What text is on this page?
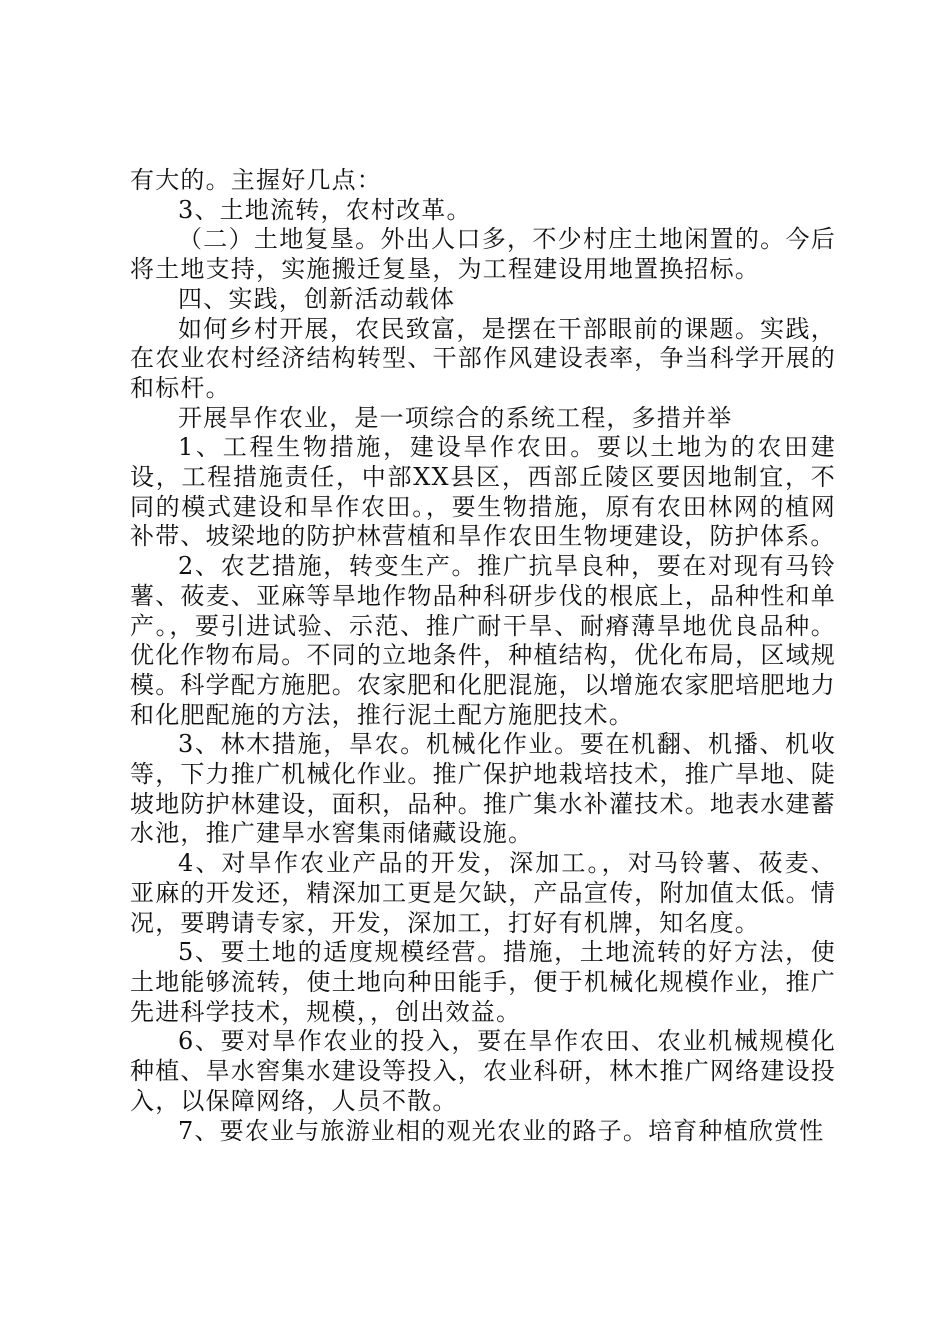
有大的。主握好几点：

3、土地流转，农村改革。

（二）土地复垦。外出人口多，不少村庄土地闲置的。今后将土地支持，实施搬迁复垦，为工程建设用地置换招标。

四、实践，创新活动载体

如何乡村开展，农民致富，是摆在干部眼前的课题。实践，在农业农村经济结构转型、干部作风建设表率，争当科学开展的和标杆。

开展旱作农业，是一项综合的系统工程，多措并举

1、工程生物措施，建设旱作农田。要以土地为的农田建设，工程措施责任，中部XX县区，西部丘陵区要因地制宜，不同的模式建设和旱作农田。，要生物措施，原有农田林网的植网补带、坡梁地的防护林营植和旱作农田生物埂建设，防护体系。

2、农艺措施，转变生产。推广抗旱良种，要在对现有马铃薯、莜麦、亚麻等旱地作物品种科研步伐的根底上，品种性和单产。，要引进试验、示范、推广耐干旱、耐瘠薄旱地优良品种。优化作物布局。不同的立地条件，种植结构，优化布局，区域规模。科学配方施肥。农家肥和化肥混施，以增施农家肥培肥地力和化肥配施的方法，推行泥土配方施肥技术。

3、林木措施，旱农。机械化作业。要在机翻、机播、机收等，下力推广机械化作业。推广保护地栽培技术，推广旱地、陡坡地防护林建设，面积，品种。推广集水补灌技术。地表水建蓄水池，推广建旱水窖集雨储藏设施。

4、对旱作农业产品的开发，深加工。，对马铃薯、莜麦、亚麻的开发还，精深加工更是欠缺，产品宣传，附加值太低。情况，要聘请专家，开发，深加工，打好有机牌，知名度。

5、要土地的适度规模经营。措施，土地流转的好方法，使土地能够流转，使土地向种田能手，便于机械化规模作业，推广先进科学技术，规模，，创出效益。

6、要对旱作农业的投入，要在旱作农田、农业机械规模化种植、旱水窖集水建设等投入，农业科研，林木推广网络建设投入，以保障网络，人员不散。

7、要农业与旅游业相的观光农业的路子。培育种植欣赏性
